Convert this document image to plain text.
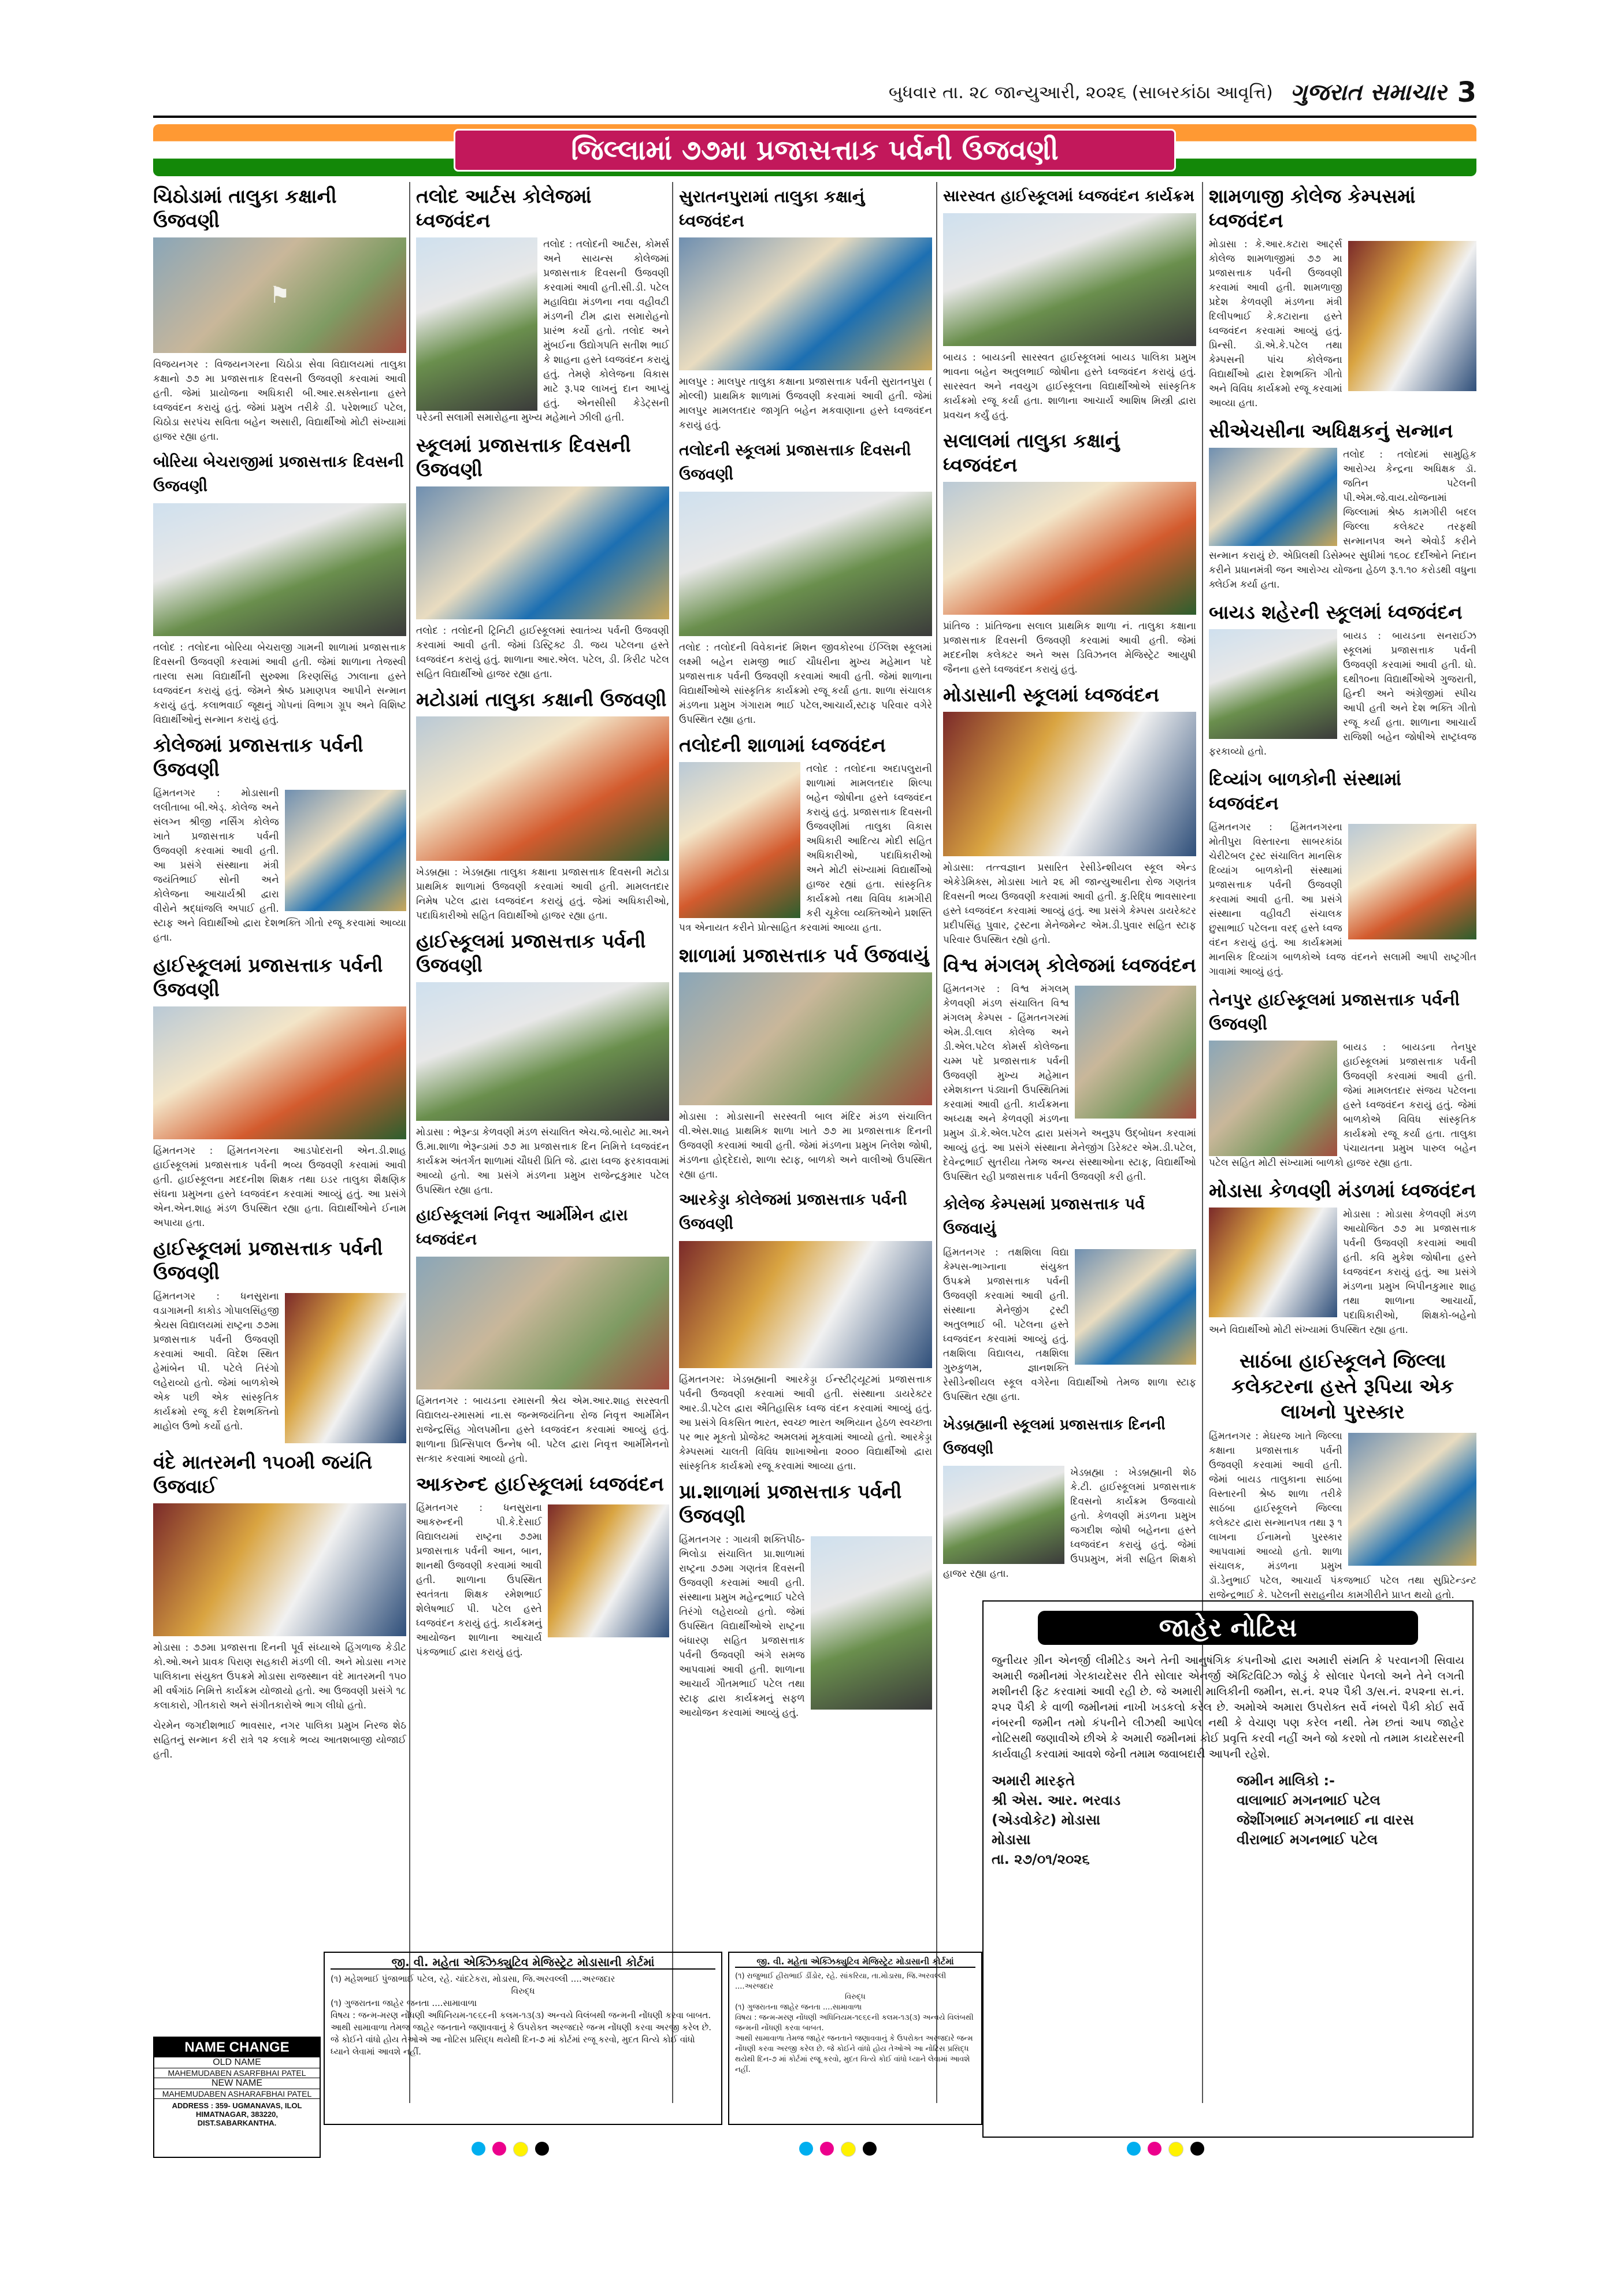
બુધવાર તા. ૨૮ જાન્યુઆરી, ૨૦૨૬ (સાબરકાંઠા આવૃત્તિ) ગુજરાત સમાચાર 3
જિલ્લામાં ૭૭મા પ્રજાસત્તાક પર્વની ઉજવણી
ચિઠોડામાં તાલુકા કક્ષાની ઉજવણી
⚑
વિજયનગર : વિજયનગરના ચિઠોડા સેવા વિદ્યાલયમાં તાલુકા કક્ષાનો ૭૭ મા પ્રજાસત્તાક દિવસની ઉજવણી કરવામાં આવી હતી. જેમાં પ્રાયોજના અધિકારી બી.આર.સક્સેનાના હસ્તે ધ્વજવંદન કરાયું હતું. જેમાં પ્રમુખ તરીકે ડી. પરેશભાઈ પટેલ, ચિઠોડા સરપંચ સવિતા બહેન અસારી, વિદ્યાર્થીઓ મોટી સંખ્યામાં હાજર રહ્યા હતા.
બોરિયા બેચરાજીમાં પ્રજાસત્તાક દિવસની ઉજવણી
તલોદ : તલોદના બોરિયા બેચરાજી ગામની શાળામાં પ્રજાસત્તાક દિવસની ઉજવણી કરવામાં આવી હતી. જેમાં શાળાના તેજસ્વી તારલા સમા વિદ્યાર્થીની સુરુશ્મા કિરણસિંહ ઝાલાના હસ્તે ધ્વજવંદન કરાયું હતું. જેમને શ્રેષ્ઠ પ્રમાણપત્ર આપીને સન્માન કરાયું હતું. કલાભવાઈ જૂથનું ગોપનાં વિભાગ ગ્રૂપ અને વિશિષ્ટ વિદ્યાર્થીઓનું સન્માન કરાયું હતું.
કોલેજમાં પ્રજાસત્તાક પર્વની ઉજવણી
હિંમતનગર : મોડાસાની લલીતાબા બી.એડ્. કોલેજ અને સંલગ્ન શ્રીજી નર્સિંગ કોલેજ ખાતે પ્રજાસત્તાક પર્વની ઉજવણી કરવામાં આવી હતી. આ પ્રસંગે સંસ્થાના મંત્રી જયંતિભાઈ સોની અને કોલેજના આચાર્યશ્રી દ્વારા વીરોને શ્રદ્ધાંજલિ અપાઈ હતી. સ્ટાફ અને વિદ્યાર્થીઓ દ્વારા દેશભક્તિ ગીતો રજૂ કરવામાં આવ્યા હતા.
હાઈસ્કૂલમાં પ્રજાસત્તાક પર્વની ઉજવણી
હિંમતનગર : હિંમતનગરના આડપોદરાની એન.ડી.શાહ હાઈસ્કૂલમાં પ્રજાસત્તાક પર્વની ભવ્ય ઉજવણી કરવામાં આવી હતી. હાઈસ્કૂલના મદદનીશ શિક્ષક તથા ઇડર તાલુકા શૈક્ષણિક સંઘના પ્રમુખના હસ્તે ધ્વજવંદન કરવામાં આવ્યું હતું. આ પ્રસંગે એન.એન.શાહ મંડળ ઉપસ્થિત રહ્યા હતા. વિદ્યાર્થીઓને ઈનામ અપાયા હતા.
હાઈસ્કૂલમાં પ્રજાસત્તાક પર્વની ઉજવણી
હિંમતનગર : ધનસુરાના વડાગામની કાકોડ ગોપાલસિંહજી શ્રેયસ વિદ્યાલયમાં રાષ્ટ્રના ૭૭મા પ્રજાસત્તાક પર્વની ઉજવણી કરવામાં આવી. વિદેશ સ્થિત હેમાંબેન પી. પટેલે તિરંગો લહેરાવ્યો હતો. જેમાં બાળકોએ એક પછી એક સાંસ્કૃતિક કાર્યક્રમો રજૂ કરી દેશભક્તિનો માહોલ ઉભો કર્યો હતો.
વંદે માતરમની ૧૫૦મી જયંતિ ઉજવાઈ
મોડાસા : ૭૭મા પ્રજાસત્તા દિનની પૂર્વ સંધ્યાએ હિંગળાજ કેડીટ કો.ઓ.અને પ્રાવક પિરાણ સહકારી મંડળી લી. અને મોડાસા નગર પાલિકાના સંયુક્ત ઉપક્રમે મોડાસા રાજસ્થાન વંદે માતરમની ૧૫૦ મી વર્ષગાંઠ નિમિત્તે કાર્યક્રમ યોજાયો હતો. આ ઉજવણી પ્રસંગે ૧૮ કલાકારો, ગીતકારો અને સંગીતકારોએ ભાગ લીધો હતો.
ચેરમેન જગદીશભાઈ ભાવસાર, નગર પાલિકા પ્રમુખ નિરજ શેઠ સહિતનું સન્માન કરી રાત્રે ૧૨ કલાકે ભવ્ય આતશબાજી યોજાઈ હતી.
તલોદ આર્ટસ કોલેજમાં ધ્વજવંદન
તલોદ : તલોદની આર્ટસ, કોમર્સ અને સાયન્સ કોલેજમાં પ્રજાસત્તાક દિવસની ઉજવણી કરવામાં આવી હતી.સી.ડી. પટેલ મહાવિદ્યા મંડળના નવા વહીવટી મંડળની ટીમ દ્વારા સમારોહનો પ્રારંભ કર્યો હતો. તલોદ અને મુંબઈના ઉદ્યોગપતિ સતીશ ભાઈ કે શાહના હસ્તે ધ્વજવંદન કરાયું હતું. તેમણે કોલેજના વિકાસ માટે રૂ.૫૨ લાખનું દાન આપ્યું હતું. એનસીસી કેડેટ્સની પરેડની સલામી સમારોહના મુખ્ય મહેમાને ઝીલી હતી.
સ્કૂલમાં પ્રજાસત્તાક દિવસની ઉજવણી
તલોદ : તલોદની ટ્રિનિટી હાઈસ્કૂલમાં સ્વાતંત્ર્ય પર્વની ઉજવણી કરવામાં આવી હતી. જેમાં ડિસ્ટ્રિક્ટ ડી. જય પટેલના હસ્તે ધ્વજવંદન કરાયું હતું. શાળાના આર.એલ. પટેલ, ડી. કિરીટ પટેલ સહિત વિદ્યાર્થીઓ હાજર રહ્યા હતા.
મટોડામાં તાલુકા કક્ષાની ઉજવણી
ખેડબ્રહ્મા : ખેડબ્રહ્મા તાલુકા કક્ષાના પ્રજાસત્તાક દિવસની મટોડા પ્રાથમિક શાળામાં ઉજવણી કરવામાં આવી હતી. મામલતદાર નિમેષ પટેલ દ્વારા ધ્વજવંદન કરાયું હતું. જેમાં અધિકારીઓ, પદાધિકારીઓ સહિત વિદ્યાર્થીઓ હાજર રહ્યા હતા.
હાઈસ્કૂલમાં પ્રજાસત્તાક પર્વની ઉજવણી
મોડાસા : ભેરૂન્ડા કેળવણી મંડળ સંચાલિત એચ.જે.બારોટ મા.અને ઉ.મા.શાળા ભેરૂન્ડામાં ૭૭ મા પ્રજાસત્તાક દિન નિમિત્તે ધ્વજવંદન કાર્યક્રમ અંતર્ગત શાળામાં ચૌધરી પ્રિતિ જે. દ્વારા ધ્વજ ફરકાવવામાં આવ્યો હતો. આ પ્રસંગે મંડળના પ્રમુખ રાજેન્દ્રકુમાર પટેલ ઉપસ્થિત રહ્યા હતા.
હાઈસ્કૂલમાં નિવૃત્ત આર્મીમેન દ્વારા ધ્વજવંદન
હિંમતનગર : બાયડના રમાસની શ્રેય એમ.આર.શાહ સરસ્વતી વિદ્યાલય-રમાસમાં ના.સ જન્મજયંતિના રોજ નિવૃત્ત આર્મીમેન રાજેન્દ્રસિંહ ગોલપમીના હસ્તે ધ્વજવંદન કરવામાં આવ્યું હતું. શાળાના પ્રિન્સિપાલ ઉન્નેષ બી. પટેલ દ્વારા નિવૃત્ત આર્મીમેનનો સત્કાર કરવામાં આવ્યો હતો.
આકરુન્દ હાઈસ્કૂલમાં ધ્વજવંદન
હિંમતનગર : ધનસુરાના આકરુન્દની પી.કે.દેસાઈ વિદ્યાલયમાં રાષ્ટ્રના ૭૭મા પ્રજાસત્તાક પર્વની આન, બાન, શાનથી ઉજવણી કરવામાં આવી હતી. શાળાના ઉપસ્થિત સ્વતંત્રતા શિક્ષક રમેશભાઈ શેલેષભાઈ પી. પટેલ હસ્તે ધ્વજવંદન કરાયું હતું. કાર્યક્રમનું આયોજન શાળાના આચાર્ય પંકજભાઈ દ્વારા કરાયું હતું.
સુરાતનપુરામાં તાલુકા કક્ષાનું ધ્વજવંદન
માલપુર : માલપુર તાલુકા કક્ષાના પ્રજાસત્તાક પર્વની સુરાતનપુરા ( મોલ્લી) પ્રાથમિક શાળામાં ઉજવણી કરવામાં આવી હતી. જેમાં માલપુર મામલતદાર જાગૃતિ બહેન મકવાણાના હસ્તે ધ્વજવંદન કરાયું હતું.
તલોદની સ્કૂલમાં પ્રજાસત્તાક દિવસની ઉજવણી
તલોદ : તલોદની વિવેકાનંદ મિશન જીવકોરબા ઈંગ્લિશ સ્કૂલમાં લક્ષ્મી બહેન રામજી ભાઈ ચૌધરીના મુખ્ય મહેમાન પદે પ્રજાસત્તાક પર્વની ઉજવણી કરવામાં આવી હતી. જેમાં શાળાના વિદ્યાર્થીઓએ સાંસ્કૃતિક કાર્યક્રમો રજૂ કર્યા હતા. શાળા સંચાલક મંડળના પ્રમુખ ગંગારામ ભાઈ પટેલ,આચાર્ય,સ્ટાફ પરિવાર વગેરે ઉપસ્થિત રહ્યા હતા.
તલોદની શાળામાં ધ્વજવંદન
તલોદ : તલોદના અદાપલુરાની શાળામાં મામલતદાર શિલ્પા બહેન જોષીના હસ્તે ધ્વજવંદન કરાયું હતું. પ્રજાસત્તાક દિવસની ઉજવણીમાં તાલુકા વિકાસ અધિકારી આદિત્ય મોદી સહિત અધિકારીઓ, પદાધિકારીઓ અને મોટી સંખ્યામાં વિદ્યાર્થીઓ હાજર રહ્યાં હતા. સાંસ્કૃતિક કાર્યક્રમો તથા વિવિધ કામગીરી કરી ચૂકેલા વ્યક્તિઓને પ્રશસ્તિ પત્ર એનાયત કરીને પ્રોત્સાહિત કરવામાં આવ્યા હતા.
શાળામાં પ્રજાસત્તાક પર્વ ઉજવાયું
મોડાસા : મોડાસાની સરસ્વતી બાલ મંદિર મંડળ સંચાલિત વી.એસ.શાહ પ્રાથમિક શાળા ખાતે ૭૭ મા પ્રજાસત્તાક દિનની ઉજવણી કરવામાં આવી હતી. જેમાં મંડળના પ્રમુખ નિલેશ જોષી, મંડળના હોદ્દેદારો, શાળા સ્ટાફ, બાળકો અને વાલીઓ ઉપસ્થિત રહ્યા હતા.
આરકેડ્ડા કોલેજમાં પ્રજાસત્તાક પર્વની ઉજવણી
હિંમતનગર: ખેડબ્રહ્માની આરકેડ્ડા ઈન્સ્ટીટ્યૂટમાં પ્રજાસત્તાક પર્વની ઉજવણી કરવામાં આવી હતી. સંસ્થાના ડાયરેક્ટર આર.ડી.પટેલ દ્વારા ઐતિહાસિક ધ્વજ વંદન કરવામાં આવ્યું હતું. આ પ્રસંગે વિકસિત ભારત, સ્વચ્છ ભારત અભિયાન હેઠળ સ્વચ્છતા પર ભાર મૂકતો પ્રોજેક્ટ અમલમાં મૂકવામાં આવ્યો હતો. આરકેડ્ડા કેમ્પસમાં ચાલતી વિવિધ શાખાઓના ૨૦૦૦ વિદ્યાર્થીઓ દ્વારા સાંસ્કૃતિક કાર્યક્રમો રજૂ કરવામાં આવ્યા હતા.
પ્રા.શાળામાં પ્રજાસત્તાક પર્વની ઉજવણી
હિંમતનગર : ગાયત્રી શક્તિપીઠ-ભિલોડા સંચાલિત પ્રા.શાળામાં રાષ્ટ્રના ૭૭મા ગણતંત્ર દિવસની ઉજવણી કરવામાં આવી હતી. સંસ્થાના પ્રમુખ મહેન્દ્રભાઈ પટેલે તિરંગો લહેરાવ્યો હતો. જેમાં ઉપસ્થિત વિદ્યાર્થીઓએ રાષ્ટ્રના બંધારણ સહિત પ્રજાસત્તાક પર્વની ઉજવણી અંગે સમજ આપવામાં આવી હતી. શાળાના આચાર્ય ગૌતમભાઈ પટેલ તથા સ્ટાફ દ્વારા કાર્યક્રમનું સફળ આયોજન કરવામાં આવ્યું હતું.
સારસ્વત હાઈસ્કૂલમાં ધ્વજવંદન કાર્યક્રમ
બાયડ : બાયડની સારસ્વત હાઈસ્કૂલમાં બાયડ પાલિકા પ્રમુખ ભાવના બહેન અતુલભાઈ જોષીના હસ્તે ધ્વજવંદન કરાયું હતું. સારસ્વત અને નવયુગ હાઈસ્કૂલના વિદ્યાર્થીઓએ સાંસ્કૃતિક કાર્યક્રમો રજૂ કર્યા હતા. શાળાના આચાર્ય આશિષ મિસ્ત્રી દ્વારા પ્રવચન કર્યું હતું.
સલાલમાં તાલુકા કક્ષાનું ધ્વજવંદન
પ્રાંતિજ : પ્રાંતિજના સલાલ પ્રાથમિક શાળા નં. તાલુકા કક્ષાના પ્રજાસત્તાક દિવસની ઉજવણી કરવામાં આવી હતી. જેમાં મદદનીશ કલેક્ટર અને અસ ડિવિઝનલ મેજિસ્ટ્રેટ આયુષી જૈનના હસ્તે ધ્વજવંદન કરાયું હતું.
મોડાસાની સ્કૂલમાં ધ્વજવંદન
મોડાસા: તત્ત્વજ્ઞાન પ્રસારિત રેસીડેન્શીયલ સ્કૂલ એન્ડ એકેડેમિક્સ, મોડાસા ખાતે ૨૬ મી જાન્યુઆરીના રોજ ગણતંત્ર દિવસની ભવ્ય ઉજવણી કરવામાં આવી હતી. કુ.રિદ્ધિ ભાવસારના હસ્તે ધ્વજવંદન કરવામાં આવ્યું હતું. આ પ્રસંગે કેમ્પસ ડાયરેક્ટર પ્રદીપસિંહ પુવાર, ટ્રસ્ટના મેનેજમેન્ટ એમ.ડી.પુવાર સહિત સ્ટાફ પરિવાર ઉપસ્થિત રહ્યો હતો.
વિશ્વ મંગલમ્ કોલેજમાં ધ્વજવંદન
હિંમતનગર : વિશ્વ મંગલમ્ કેળવણી મંડળ સંચાલિત વિશ્વ મંગલમ્ કેમ્પસ - હિંમતનગરમાં એમ.ડી.લાલ કોલેજ અને ડી.એલ.પટેલ કોમર્સ કોલેજના ચમ્મ પદે પ્રજાસત્તાક પર્વની ઉજવણી મુખ્ય મહેમાન રમેશકાન્ત પંડ્યાની ઉપસ્થિતિમાં કરવામાં આવી હતી. કાર્યક્રમના અધ્યક્ષ અને કેળવણી મંડળના પ્રમુખ ડૉ.કે.એલ.પટેલ દ્વારા પ્રસંગને અનુરૂપ ઉદ્બોધન કરવામાં આવ્યું હતું. આ પ્રસંગે સંસ્થાના મેનેજીંગ ડિરેક્ટર એમ.ડી.પટેલ, દેવેન્દ્રભાઈ સુતરીયા તેમજ અન્ય સંસ્થાઓના સ્ટાફ, વિદ્યાર્થીઓ ઉપસ્થિત રહી પ્રજાસત્તાક પર્વની ઉજવણી કરી હતી.
કોલેજ કેમ્પસમાં પ્રજાસત્તાક પર્વ ઉજવાયું
હિંમતનગર : તક્ષશિલા વિદ્યા કેમ્પસ-ભાગ્નાના સંયુક્ત ઉપક્રમે પ્રજાસત્તાક પર્વની ઉજવણી કરવામાં આવી હતી. સંસ્થાના મેનેજીંગ ટ્રસ્ટી અતુલભાઈ બી. પટેલના હસ્તે ધ્વજવંદન કરવામાં આવ્યું હતું. તક્ષશિલા વિદ્યાલય, તક્ષશિલા ગુરુકુળમ, જ્ઞાનશક્તિ રેસીડેન્શીયલ સ્કૂલ વગેરેના વિદ્યાર્થીઓ તેમજ શાળા સ્ટાફ ઉપસ્થિત રહ્યા હતા.
ખેડબ્રહ્માની સ્કૂલમાં પ્રજાસત્તાક દિનની ઉજવણી
ખેડબ્રહ્મા : ખેડબ્રહ્માની શેઠ કે.ટી. હાઈસ્કૂલમાં પ્રજાસત્તાક દિવસનો કાર્યક્રમ ઉજવાયો હતો. કેળવણી મંડળના પ્રમુખ જગદીશ જોષી બહેનના હસ્તે ધ્વજવંદન કરાયું હતું. જેમાં ઉપપ્રમુખ, મંત્રી સહિત શિક્ષકો હાજર રહ્યા હતા.
શામળાજી કોલેજ કેમ્પસમાં ધ્વજવંદન
મોડાસા : કે.આર.કટારા આર્ટ્સ કોલેજ શામળાજીમાં ૭૭ મા પ્રજાસત્તાક પર્વની ઉજવણી કરવામાં આવી હતી. શામળાજી પ્રદેશ કેળવણી મંડળના મંત્રી દિલીપભાઈ કે.કટારાના હસ્તે ધ્વજવંદન કરવામાં આવ્યું હતું. પ્રિન્સી. ડૉ.એ.કે.પટેલ તથા કેમ્પસની પાંચ કોલેજના વિદ્યાર્થીઓ દ્વારા દેશભક્તિ ગીતો અને વિવિધ કાર્યક્રમો રજૂ કરવામાં આવ્યા હતા.
સીએચસીના અધિક્ષકનું સન્માન
તલોદ : તલોદમાં સામુહિક આરોગ્ય કેન્દ્રના અધિક્ષક ડૉ. જતિન પટેલની પી.એમ.જે.વાય.યોજનામાં જિલ્લામાં શ્રેષ્ઠ કામગીરી બદલ જિલ્લા કલેક્ટર તરફથી સન્માનપત્ર અને એવોર્ડ કરીને સન્માન કરાયું છે. એપ્રિલથી ડિસેમ્બર સુધીમાં ૧૬૦૮ દર્દીઓને નિદાન કરીને પ્રધાનમંત્રી જન આરોગ્ય યોજના હેઠળ રૂ.૧.૧૦ કરોડથી વધુના ક્લેઈમ કર્યા હતા.
બાયડ શહેરની સ્કૂલમાં ધ્વજવંદન
બાયડ : બાયડના સનરાઈઝ સ્કૂલમાં પ્રજાસત્તાક પર્વની ઉજવણી કરવામાં આવી હતી. ધો. ૬થી૧૦ના વિદ્યાર્થીઓએ ગુજરાતી, હિન્દી અને અંગ્રેજીમાં સ્પીચ આપી હતી અને દેશ ભક્તિ ગીતો રજૂ કર્યા હતા. શાળાના આચાર્ય રાજિશી બહેન જોષીએ રાષ્ટ્રધ્વજ ફરકાવ્યો હતો.
દિવ્યાંગ બાળકોની સંસ્થામાં ધ્વજવંદન
હિંમતનગર : હિંમતનગરના મોતીપુરા વિસ્તારના સાબરકાંઠા ચેરીટેબલ ટ્રસ્ટ સંચાલિત માનસિક દિવ્યાંગ બાળકોની સંસ્થામાં પ્રજાસત્તાક પર્વની ઉજવણી કરવામાં આવી હતી. આ પ્રસંગે સંસ્થાના વહીવટી સંચાલક છુસાભાઈ પટેલના વરદ્ હસ્તે ધ્વજ વંદન કરાયું હતું. આ કાર્યક્રમમાં માનસિક દિવ્યાંગ બાળકોએ ધ્વજ વંદનને સલામી આપી રાષ્ટ્રગીત ગાવામાં આવ્યું હતું.
તેનપુર હાઈસ્કૂલમાં પ્રજાસત્તાક પર્વની ઉજવણી
બાયડ : બાયડના તેનપુર હાઈસ્કૂલમાં પ્રજાસત્તાક પર્વની ઉજવણી કરવામાં આવી હતી. જેમાં મામલતદાર સંજય પટેલના હસ્તે ધ્વજવંદન કરાયું હતું. જેમાં બાળકોએ વિવિધ સાંસ્કૃતિક કાર્યક્રમો રજૂ કર્યા હતા. તાલુકા પંચાયતના પ્રમુખ પારુલ બહેન પટેલ સહિત મોટી સંખ્યામાં બાળકો હાજર રહ્યા હતા.
મોડાસા કેળવણી મંડળમાં ધ્વજવંદન
મોડાસા : મોડાસા કેળવણી મંડળ આયોજિત ૭૭ મા પ્રજાસત્તાક પર્વની ઉજવણી કરવામાં આવી હતી. કવિ મુકેશ જોષીના હસ્તે ધ્વજવંદન કરાયું હતું. આ પ્રસંગે મંડળના પ્રમુખ બિપીનકુમાર શાહ તથા શાળાના આચાર્યો, પદાધિકારીઓ, શિક્ષકો-બહેનો અને વિદ્યાર્થીઓ મોટી સંખ્યામાં ઉપસ્થિત રહ્યા હતા.
સાઠંબા હાઈસ્કૂલને જિલ્લા કલેક્ટરના હસ્તે રૂપિયા એક લાખનો પુરસ્કાર
હિંમતનગર : મેઘરજ ખાતે જિલ્લા કક્ષાના પ્રજાસત્તાક પર્વની ઉજવણી કરવામાં આવી હતી. જેમાં બાયડ તાલુકાના સાઠંબા વિસ્તારની શ્રેષ્ઠ શાળા તરીકે સાઠંબા હાઈસ્કૂલને જિલ્લા કલેક્ટર દ્વારા સન્માનપત્ર તથા રૂ ૧ લાખના ઈનામનો પુરસ્કાર આપવામાં આવ્યો હતો. શાળા સંચાલક, મંડળના પ્રમુખ ડૉ.ડેનુભાઈ પટેલ, આચાર્ય પંકજભાઈ પટેલ તથા સુપ્રિટેન્ડન્ટ રાજેન્દ્રભાઈ કે. પટેલની સરાહનીય કામગીરીને પ્રાપ્ત થયો હતો.
જાહેર નોટિસ
જુનીયર ગ્રીન એનર્જી લીમીટેડ અને તેની આનુષંગિક કંપનીઓ દ્વારા અમારી સંમતિ કે પરવાનગી સિવાય અમારી જમીનમાં ગેરકાયદેસર રીતે સોલાર એનર્જી ઍક્ટિવિટિઝ જોડું કે સોલાર પેનલો અને તેને લગતી મશીનરી ફિટ કરવામાં આવી રહી છે. જે અમારી માલિકીની જમીન, સ.નં. ૨૫૨ પૈકી ૩/સ.નં. ૨૫૨ના સ.નં. ૨૫૨ પૈકી કે વાળી જમીનમાં નાખી ખડકલો કરેલ છે. અમોએ અમારા ઉપરોક્ત સર્વે નંબરો પૈકી કોઈ સર્વે નંબરની જમીન તમો કંપનીને લીઝથી આપેલ નથી કે વેચાણ પણ કરેલ નથી. તેમ છતાં આપ જાહેર નોટિસથી જણાવીએ છીએ કે અમારી જમીનમાં કોઈ પ્રવૃત્તિ કરવી નહીં અને જો કરશો તો તમામ કાયદેસરની કાર્યવાહી કરવામાં આવશે જેની તમામ જવાબદારી આપની રહેશે.
અમારી મારફતે	જમીન માલિકો :-
શ્રી એસ. આર. ભરવાડ	વાલાભાઈ મગનભાઈ પટેલ
(એડવોકેટ) મોડાસા	જેશીંગભાઈ મગનભાઈ ના વારસ
મોડાસા	વીરાભાઈ મગનભાઈ પટેલ
તા. ૨૭/૦૧/૨૦૨૬
જી. વી. મહેતા એક્ઝિક્યુટિવ મેજિસ્ટ્રેટ મોડાસાની કોર્ટમાં
(૧) મહેશભાઈ પુંજાભાઈ પટેલ, રહે. ચાંદટેકરા, મોડાસા, જિ.અરવલ્લી ....અરજદાર
વિરુદ્ધ
(૧) ગુજરાતના જાહેર જનતા ....સામાવાળા
વિષય : જન્મ-મરણ નોંધણી અધિનિયમ-૧૯૬૯ની કલમ-૧૩(૩) અન્વયે વિલંબથી જન્મની નોંધણી કરવા બાબત.
આથી સામાવાળા તેમજ જાહેર જનતાને જણાવવાનું કે ઉપરોક્ત અરજદારે જન્મ નોંધણી કરવા અરજી કરેલ છે. જે કોઈને વાંધો હોય તેઓએ આ નોટિસ પ્રસિદ્ધ થયેથી દિન-૭ માં કોર્ટમાં રજૂ કરવો, મુદત વિત્યે કોઈ વાંધો ધ્યાને લેવામાં આવશે નહીં.
જી. વી. મહેતા એક્ઝિક્યુટિવ મેજિસ્ટ્રેટ મોડાસાની કોર્ટમાં
(૧) રાજુભાઈ હીરાભાઈ ડીંડોર, રહે. સાંકરિયા, તા.મોડાસા, જિ.અરવલ્લી ....અરજદાર
વિરુદ્ધ
(૧) ગુજરાતના જાહેર જનતા ....સામાવાળા
વિષય : જન્મ-મરણ નોંધણી અધિનિયમ-૧૯૬૯ની કલમ-૧૩(૩) અન્વયે વિલંબથી જન્મની નોંધણી કરવા બાબત.
આથી સામાવાળા તેમજ જાહેર જનતાને જણાવવાનું કે ઉપરોક્ત અરજદારે જન્મ નોંધણી કરવા અરજી કરેલ છે. જે કોઈને વાંધો હોય તેઓએ આ નોટિસ પ્રસિદ્ધ થયેથી દિન-૭ માં કોર્ટમાં રજૂ કરવો, મુદત વિત્યે કોઈ વાંધો ધ્યાને લેવામાં આવશે નહીં.
NAME CHANGE
OLD NAME
MAHEMUDABEN ASARFBHAI PATEL
NEW NAME
MAHEMUDABEN ASHARAFBHAI PATEL
ADDRESS : 359- UGMANAVAS, ILOL HIMATNAGAR, 383220, DIST.SABARKANTHA.
